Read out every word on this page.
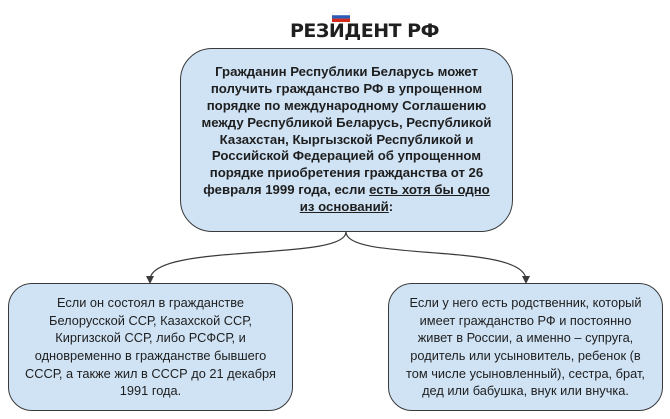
РЕЗИДЕНТ РФ
Гражданин Республики Беларусь может получить гражданство РФ в упрощенном порядке по международному Соглашению между Республикой Беларусь, Республикой Казахстан, Кыргызской Республикой и Российской Федерацией об упрощенном порядке приобретения гражданства от 26 февраля 1999 года, если есть хотя бы одно из оснований:
Если он состоял в гражданстве Белорусской ССР, Казахской ССР, Киргизской ССР, либо РСФСР, и одновременно в гражданстве бывшего СССР, а также жил в СССР до 21 декабря 1991 года.
Если у него есть родственник, который имеет гражданство РФ и постоянно живет в России, а именно – супруга, родитель или усыновитель, ребенок (в том числе усыновленный), сестра, брат, дед или бабушка, внук или внучка.
